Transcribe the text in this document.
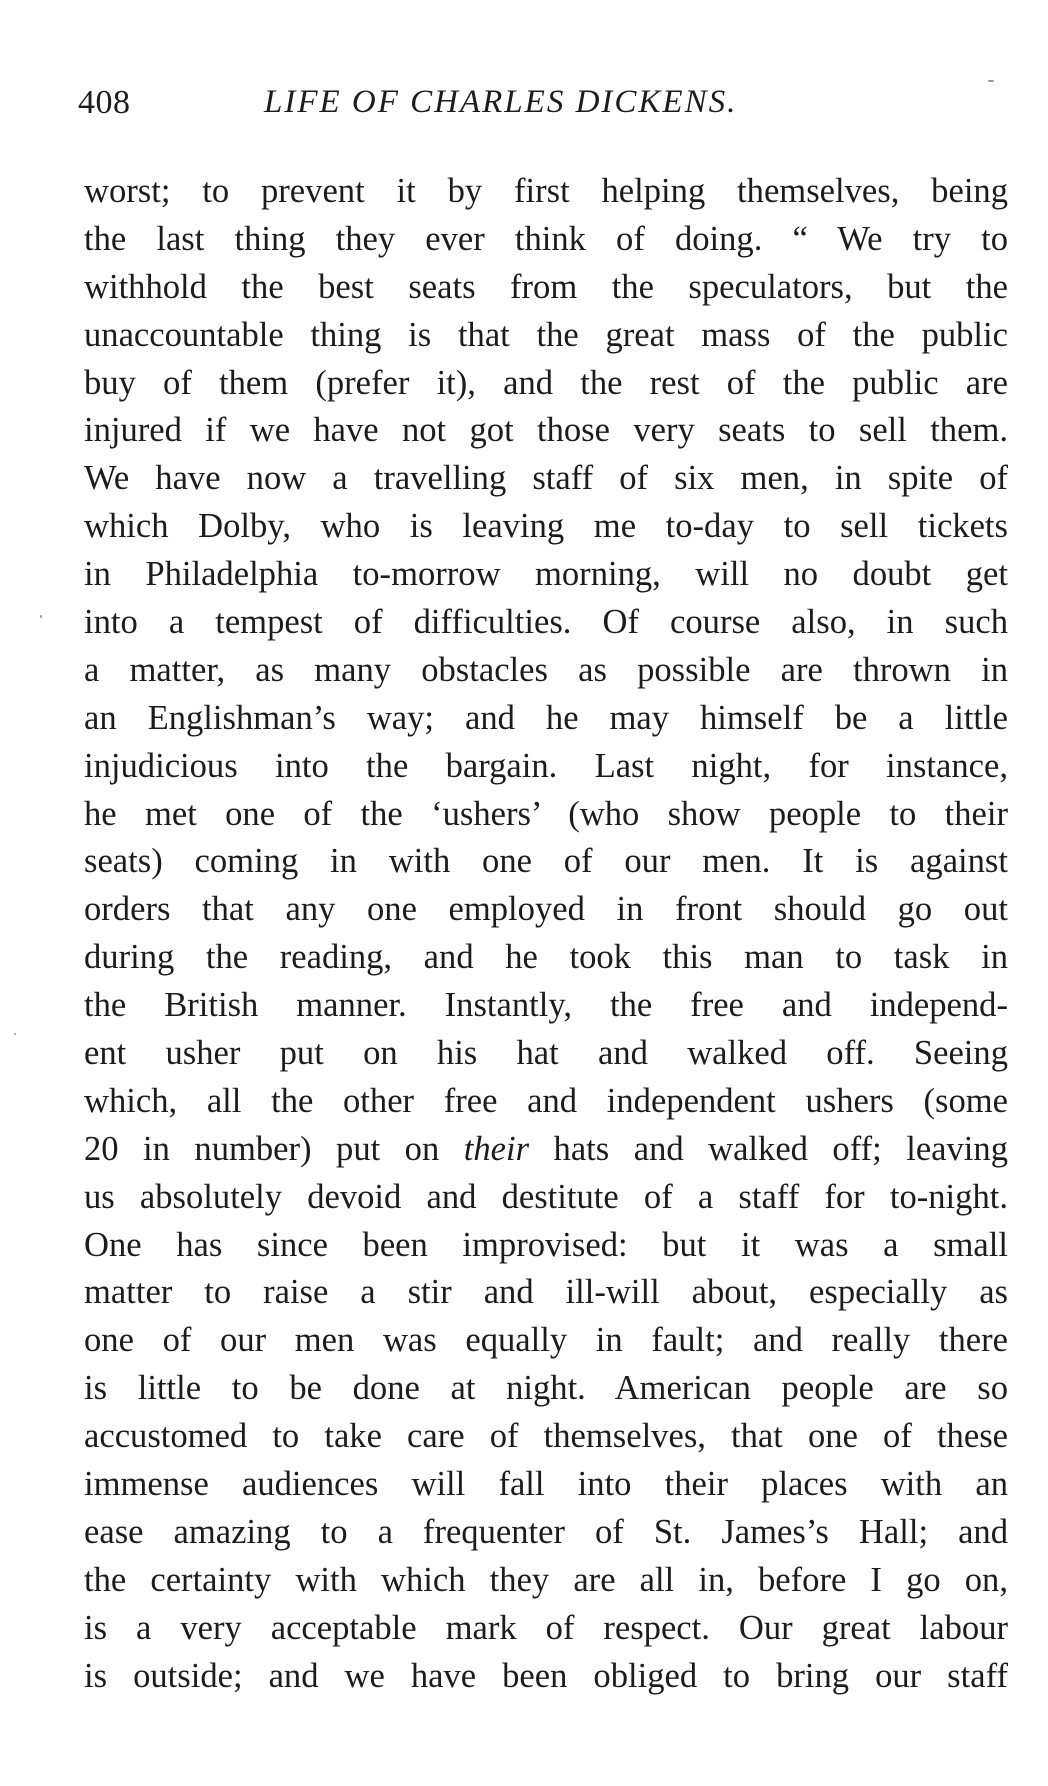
408	LIFE OF CHARLES DICKENS.
worst; to prevent it by first helping themselves, being
the last thing they ever think of doing. “ We try to
withhold the best seats from the speculators, but the
unaccountable thing is that the great mass of the public
buy of them (prefer it), and the rest of the public are
injured if we have not got those very seats to sell them.
We have now a travelling staff of six men, in spite of
which Dolby, who is leaving me to-day to sell tickets
in Philadelphia to-morrow morning, will no doubt get
into a tempest of difficulties. Of course also, in such
a matter, as many obstacles as possible are thrown in
an Englishman’s way; and he may himself be a little
injudicious into the bargain. Last night, for instance,
he met one of the ‘ushers’ (who show people to their
seats) coming in with one of our men. It is against
orders that any one employed in front should go out
during the reading, and he took this man to task in
the British manner. Instantly, the free and independ-
ent usher put on his hat and walked off. Seeing
which, all the other free and independent ushers (some
20 in number) put on their hats and walked off; leaving
us absolutely devoid and destitute of a staff for to-night.
One has since been improvised: but it was a small
matter to raise a stir and ill-will about, especially as
one of our men was equally in fault; and really there
is little to be done at night. American people are so
accustomed to take care of themselves, that one of these
immense audiences will fall into their places with an
ease amazing to a frequenter of St. James’s Hall; and
the certainty with which they are all in, before I go on,
is a very acceptable mark of respect. Our great labour
is outside; and we have been obliged to bring our staff
